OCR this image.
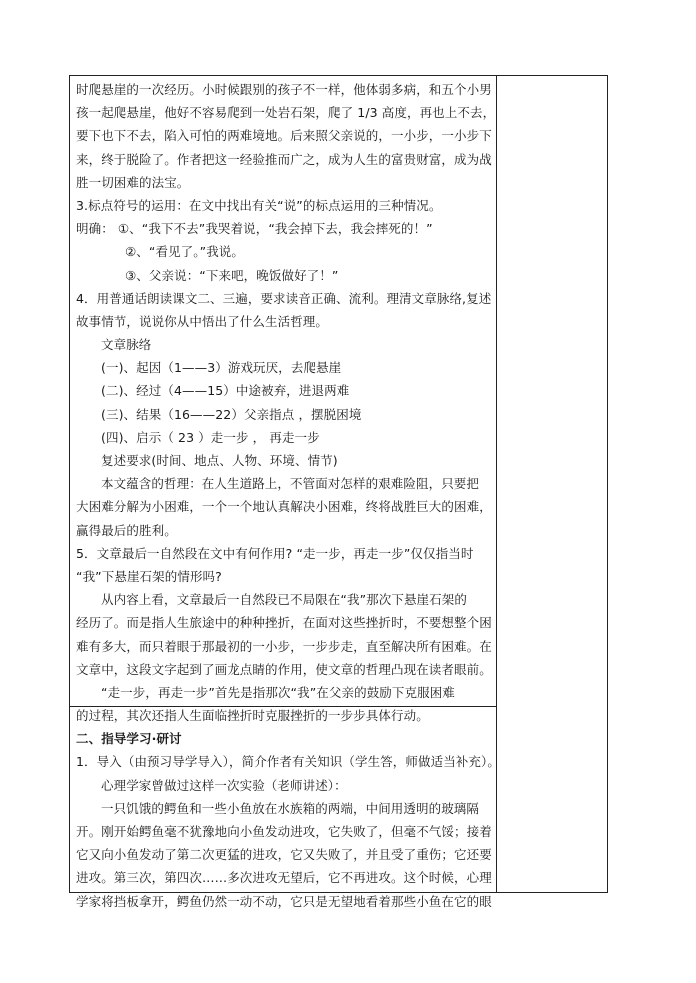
时爬悬崖的一次经历。小时候跟别的孩子不一样，他体弱多病，和五个小男
孩一起爬悬崖，他好不容易爬到一处岩石架，爬了 1/3 高度，再也上不去，
要下也下不去，陷入可怕的两难境地。后来照父亲说的，一小步，一小步下
来，终于脱险了。作者把这一经验推而广之，成为人生的富贵财富，成为战
胜一切困难的法宝。
3.标点符号的运用：在文中找出有关“说”的标点运用的三种情况。
明确： ①、“我下不去”我哭着说，“我会掉下去，我会摔死的！”
②、“看见了。”我说。
③、父亲说：“下来吧，晚饭做好了！”
4．用普通话朗读课文二、三遍，要求读音正确、流利。理清文章脉络,复述
故事情节，说说你从中悟出了什么生活哲理。
文章脉络
(一)、起因（1——3）游戏玩厌，去爬悬崖
(二)、经过（4——15）中途被弃，进退两难
(三)、结果（16——22）父亲指点 ，摆脱困境
(四)、启示（ 23 ）走一步 ， 再走一步
复述要求(时间、地点、人物、环境、情节)
本文蕴含的哲理：在人生道路上，不管面对怎样的艰难险阻，只要把
大困难分解为小困难，一个一个地认真解决小困难，终将战胜巨大的困难，
赢得最后的胜利。
5．文章最后一自然段在文中有何作用? “走一步，再走一步”仅仅指当时
“我”下悬崖石架的情形吗?
从内容上看，文章最后一自然段已不局限在“我”那次下悬崖石架的
经历了。而是指人生旅途中的种种挫折，在面对这些挫折时，不要想整个困
难有多大，而只着眼于那最初的一小步，一步步走，直至解决所有困难。在
文章中，这段文字起到了画龙点睛的作用，使文章的哲理凸现在读者眼前。
“走一步，再走一步”首先是指那次“我”在父亲的鼓励下克服困难
的过程，其次还指人生面临挫折时克服挫折的一步步具体行动。
二、指导学习·研讨
1．导入（由预习导学导入），简介作者有关知识（学生答，师做适当补充）。
心理学家曾做过这样一次实验（老师讲述）：
一只饥饿的鳄鱼和一些小鱼放在水族箱的两端，中间用透明的玻璃隔
开。刚开始鳄鱼毫不犹豫地向小鱼发动进攻，它失败了，但毫不气馁；接着
它又向小鱼发动了第二次更猛的进攻，它又失败了，并且受了重伤；它还要
进攻。第三次，第四次……多次进攻无望后，它不再进攻。这个时候，心理
学家将挡板拿开，鳄鱼仍然一动不动，它只是无望地看着那些小鱼在它的眼
